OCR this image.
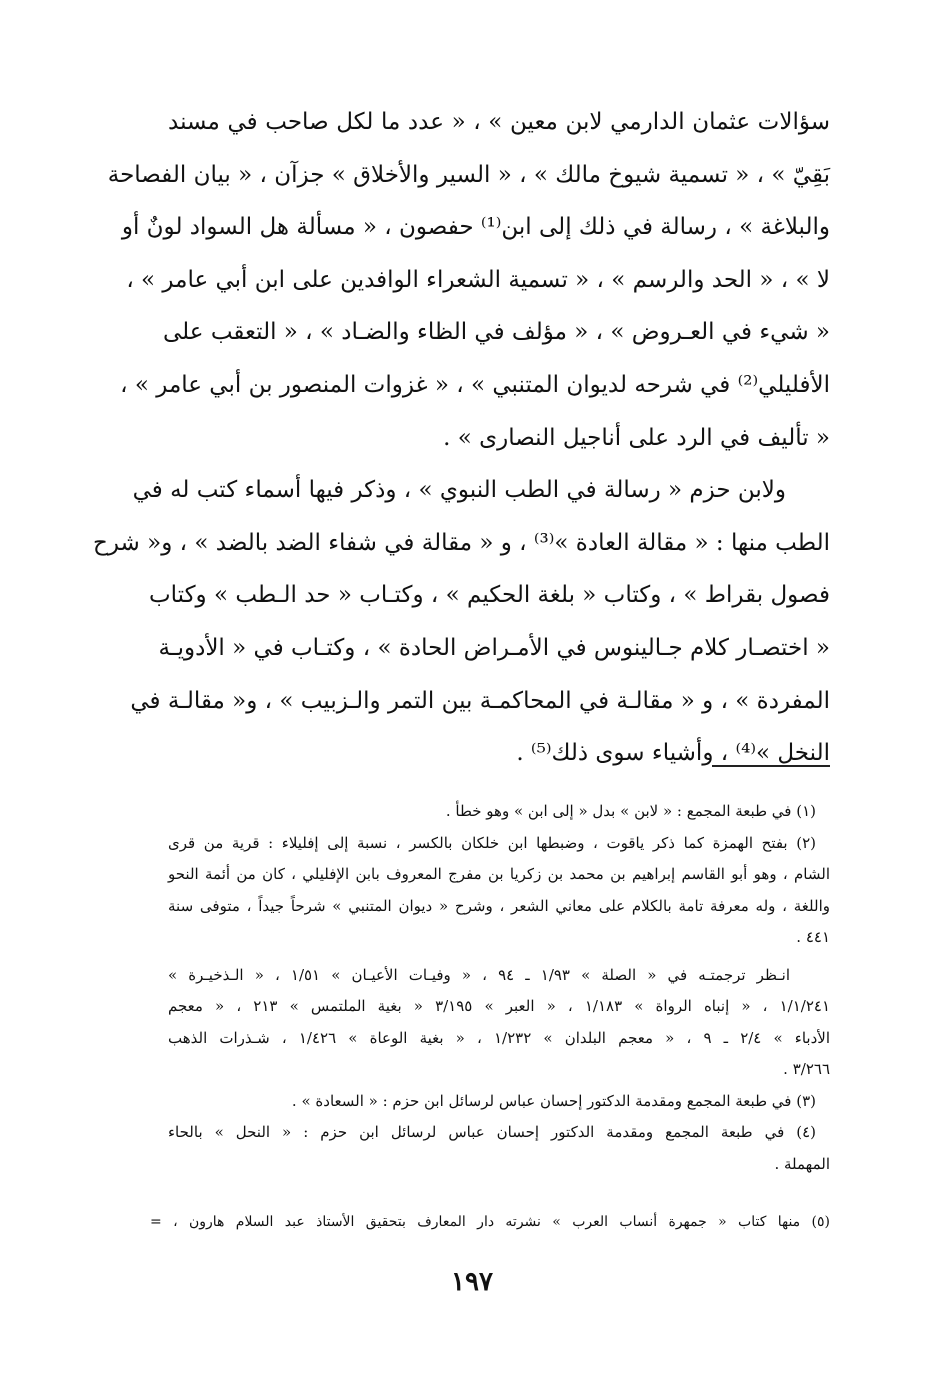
سؤالات عثمان الدارمي لابن معين » ، « عدد ما لكل صاحب في مسند
بَقِيّ » ، « تسمية شيوخ مالك » ، « السير والأخلاق » جزآن ، « بيان الفصاحة
والبلاغة » ، رسالة في ذلك إلى ابن⁽¹⁾ حفصون ، « مسألة هل السواد لونٌ أو
لا » ، « الحد والرسم » ، « تسمية الشعراء الوافدين على ابن أبي عامر » ،
« شيء في العـروض » ، « مؤلف في الظاء والضـاد » ، « التعقب على
الأفليلي⁽²⁾ في شرحه لديوان المتنبي » ، « غزوات المنصور بن أبي عامر » ،
« تأليف في الرد على أناجيل النصارى » .
ولابن حزم « رسالة في الطب النبوي » ، وذكر فيها أسماء كتب له في
الطب منها : « مقالة العادة »⁽³⁾ ، و « مقالة في شفاء الضد بالضد » ، و« شرح
فصول بقراط » ، وكتاب « بلغة الحكيم » ، وكتـاب « حد الـطب » وكتاب
« اختصـار كلام جـالينوس في الأمـراض الحادة » ، وكتـاب في « الأدويـة
المفردة » ، و « مقالـة في المحاكمـة بين التمر والـزبيب » ، و« مقالـة في
النخل »⁽⁴⁾ ، وأشياء سوى ذلك⁽⁵⁾ .
(١) في طبعة المجمع : « لابن » بدل « إلى ابن » وهو خطأ .
(٢) بفتح الهمزة كما ذكر ياقوت ، وضبطها ابن خلكان بالكسر ، نسبة إلى إفليلاء : قرية من قرى
الشام ، وهو أبو القاسم إبراهيم بن محمد بن زكريا بن مفرج المعروف بابن الإفليلي ، كان من أئمة النحو
واللغة ، وله معرفة تامة بالكلام على معاني الشعر ، وشرح « ديوان المتنبي » شرحاً جيداً ، متوفى سنة
٤٤١ .
انـظر ترجمتـه في « الصلة » ١/٩٣ ـ ٩٤ ، « وفيـات الأعيـان » ١/٥١ ، « الـذخيـرة »
١/١/٢٤١ ، « إنباه الرواة » ١/١٨٣ ، « العبر » ٣/١٩٥ « بغية الملتمس » ٢١٣ ، « معجم
الأدباء » ٢/٤ ـ ٩ ، « معجم البلدان » ١/٢٣٢ ، « بغية الوعاة » ١/٤٢٦ ، شـذرات الذهب
٣/٢٦٦ .
(٣) في طبعة المجمع ومقدمة الدكتور إحسان عباس لرسائل ابن حزم : « السعادة » .
(٤) في طبعة المجمع ومقدمة الدكتور إحسان عباس لرسائل ابن حزم : « النحل » بالحاء
المهملة .
(٥) منها كتاب « جمهرة أنساب العرب » نشرته دار المعارف بتحقيق الأستاذ عبد السلام هارون ، =
١٩٧
